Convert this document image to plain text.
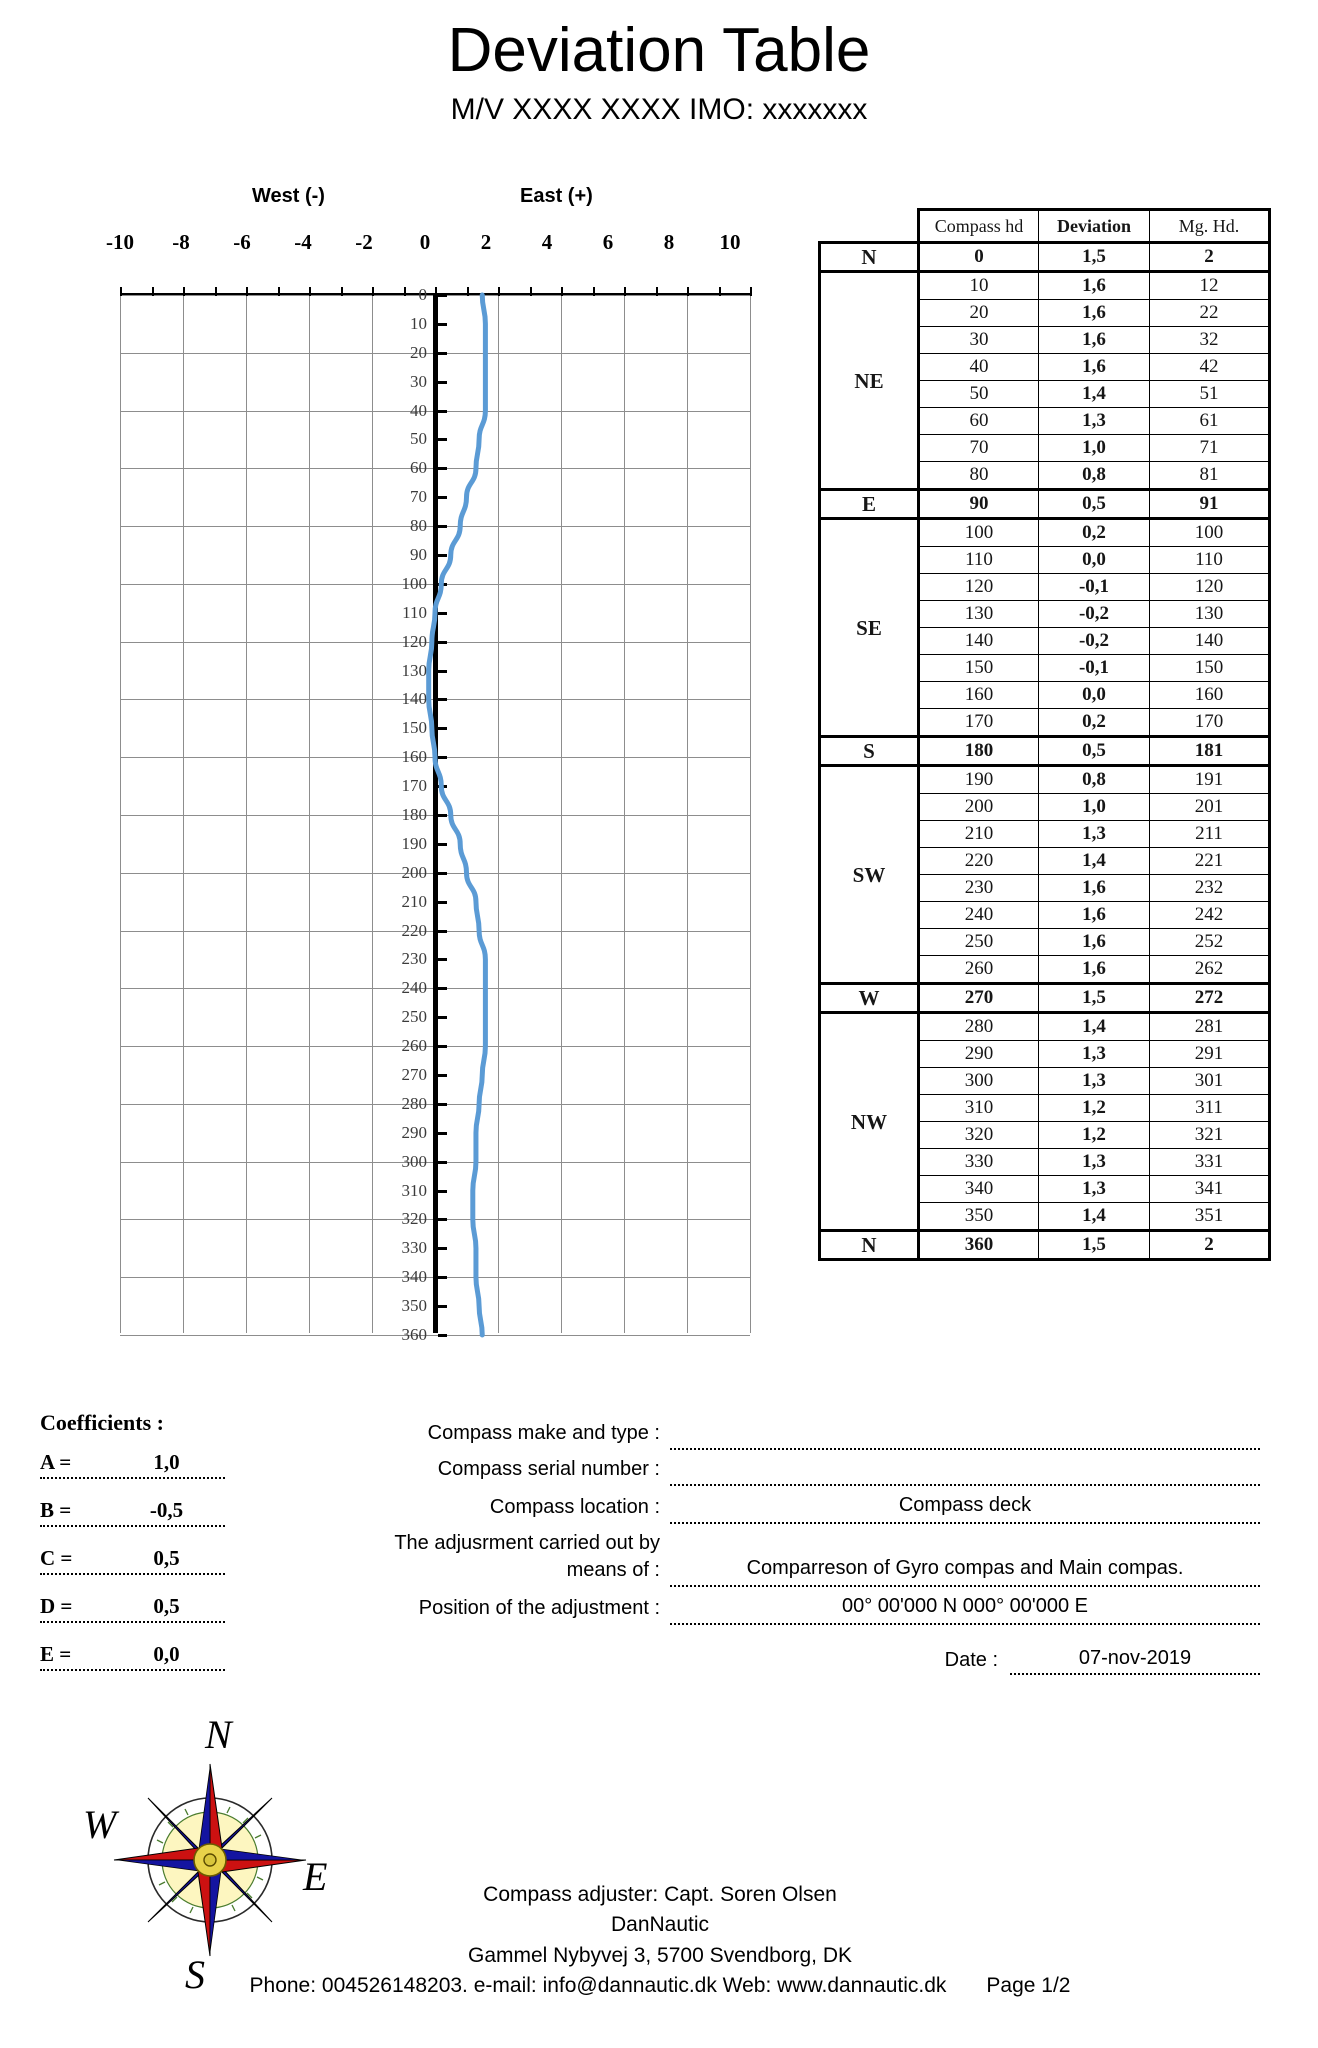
Deviation Table
M/V XXXX XXXX IMO: xxxxxxx
West (-)	East (+)
-10 -8 -6 -4 -2 0 2 4 6 8 10
0
10
20
30
40
50
60
70
80
90
100
110
120
130
140
150
160
170
180
190
200
210
220
230
240
250
260
270
280
290
300
310
320
330
340
350
360
	Compass hd	Deviation	Mg. Hd.
N	0	1,5	2
NE	10	1,6	12
	20	1,6	22
	30	1,6	32
	40	1,6	42
	50	1,4	51
	60	1,3	61
	70	1,0	71
	80	0,8	81
E	90	0,5	91
SE	100	0,2	100
	110	0,0	110
	120	-0,1	120
	130	-0,2	130
	140	-0,2	140
	150	-0,1	150
	160	0,0	160
	170	0,2	170
S	180	0,5	181
SW	190	0,8	191
	200	1,0	201
	210	1,3	211
	220	1,4	221
	230	1,6	232
	240	1,6	242
	250	1,6	252
	260	1,6	262
W	270	1,5	272
NW	280	1,4	281
	290	1,3	291
	300	1,3	301
	310	1,2	311
	320	1,2	321
	330	1,3	331
	340	1,3	341
	350	1,4	351
N	360	1,5	2
Coefficients :
A =	1,0
B =	-0,5
C =	0,5
D =	0,5
E =	0,0
Compass make and type :
Compass serial number :
Compass location :	Compass deck
The adjusrment carried out by means of :	Comparreson of Gyro compas and Main compas.
Position of the adjustment :	00° 00'000 N 000° 00'000 E
Date :	07-nov-2019
N
E
S
W
Compass adjuster: Capt. Soren Olsen
DanNautic
Gammel Nybyvej 3, 5700 Svendborg, DK
Phone: 004526148203. e-mail: info@dannautic.dk Web: www.dannautic.dk Page 1/2
